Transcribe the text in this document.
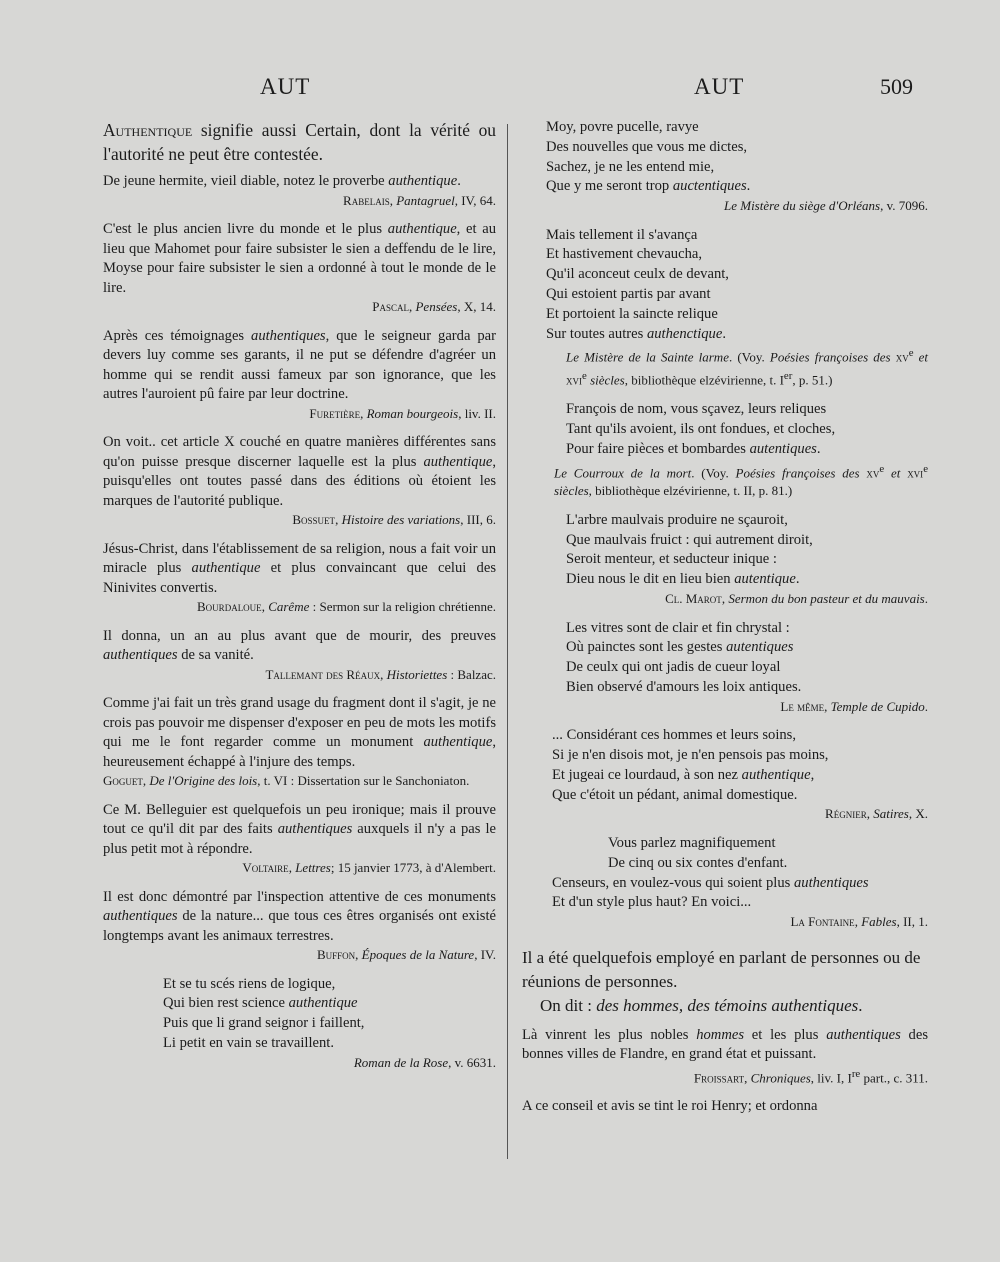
AUT	AUT	509

Authentique signifie aussi Certain, dont la vérité ou l'autorité ne peut être contestée.

De jeune hermite, vieil diable, notez le proverbe authentique.

Rabelais, Pantagruel, IV, 64.

C'est le plus ancien livre du monde et le plus authentique, et au lieu que Mahomet pour faire subsister le sien a deffendu de le lire, Moyse pour faire subsister le sien a ordonné à tout le monde de le lire.

Pascal, Pensées, X, 14.

Après ces témoignages authentiques, que le seigneur garda par devers luy comme ses garants, il ne put se défendre d'agréer un homme qui se rendit aussi fameux par son ignorance, que les autres l'auroient pû faire par leur doctrine.

Furetière, Roman bourgeois, liv. II.

On voit.. cet article X couché en quatre manières différentes sans qu'on puisse presque discerner laquelle est la plus authentique, puisqu'elles ont toutes passé dans des éditions où étoient les marques de l'autorité publique.

Bossuet, Histoire des variations, III, 6.

Jésus-Christ, dans l'établissement de sa religion, nous a fait voir un miracle plus authentique et plus convaincant que celui des Ninivites convertis.

Bourdaloue, Carême : Sermon sur la religion chrétienne.

Il donna, un an au plus avant que de mourir, des preuves authentiques de sa vanité.

Tallemant des Réaux, Historiettes : Balzac.

Comme j'ai fait un très grand usage du fragment dont il s'agit, je ne crois pas pouvoir me dispenser d'exposer en peu de mots les motifs qui me le font regarder comme un monument authentique, heureusement échappé à l'injure des temps.

Goguet, De l'Origine des lois, t. VI : Dissertation sur le Sanchoniaton.

Ce M. Belleguier est quelquefois un peu ironique; mais il prouve tout ce qu'il dit par des faits authentiques auxquels il n'y a pas le plus petit mot à répondre.

Voltaire, Lettres; 15 janvier 1773, à d'Alembert.

Il est donc démontré par l'inspection attentive de ces monuments authentiques de la nature... que tous ces êtres organisés ont existé longtemps avant les animaux terrestres.

Buffon, Époques de la Nature, IV.

Et se tu scés riens de logique,
Qui bien rest science authentique
Puis que li grand seignor i faillent,
Li petit en vain se travaillent.

Roman de la Rose, v. 6631.

Moy, povre pucelle, ravye
Des nouvelles que vous me dictes,
Sachez, je ne les entend mie,
Que y me seront trop auctentiques.

Le Mistère du siège d'Orléans, v. 7096.

Mais tellement il s'avança
Et hastivement chevaucha,
Qu'il aconceut ceulx de devant,
Qui estoient partis par avant
Et portoient la saincte relique
Sur toutes autres authenctique.

Le Mistère de la Sainte larme. (Voy. Poésies françoises des $xv^e$ et xvi$^e$ siècles, bibliothèque elzévirienne, t. Ier, p. 51.)

François de nom, vous sçavez, leurs reliques
Tant qu'ils avoient, ils ont fondues, et cloches,
Pour faire pièces et bombardes autentiques.

Le Courroux de la mort. (Voy. Poésies françoises des $xv^e$ et xvi$^e$ siècles, bibliothèque elzévirienne, t. II, p. 81.)

L'arbre maulvais produire ne sçauroit,
Que maulvais fruict : qui autrement diroit,
Seroit menteur, et seducteur inique :
Dieu nous le dit en lieu bien autentique.

Cl. Marot, Sermon du bon pasteur et du mauvais.

Les vitres sont de clair et fin chrystal :
Où painctes sont les gestes autentiques
De ceulx qui ont jadis de cueur loyal
Bien observé d'amours les loix antiques.

Le même, Temple de Cupido.

... Considérant ces hommes et leurs soins,
Si je n'en disois mot, je n'en pensois pas moins,
Et jugeai ce lourdaud, à son nez authentique,
Que c'étoit un pédant, animal domestique.

Régnier, Satires, X.

Vous parlez magnifiquement
De cinq ou six contes d'enfant.
Censeurs, en voulez-vous qui soient plus authentiques
Et d'un style plus haut? En voici...

La Fontaine, Fables, II, 1.

Il a été quelquefois employé en parlant de personnes ou de réunions de personnes.

On dit : des hommes, des témoins authentiques.

Là vinrent les plus nobles hommes et les plus authentiques des bonnes villes de Flandre, en grand état et puissant.

Froissart, Chroniques, liv. I, Ire part., c. 311.

A ce conseil et avis se tint le roi Henry; et ordonna
